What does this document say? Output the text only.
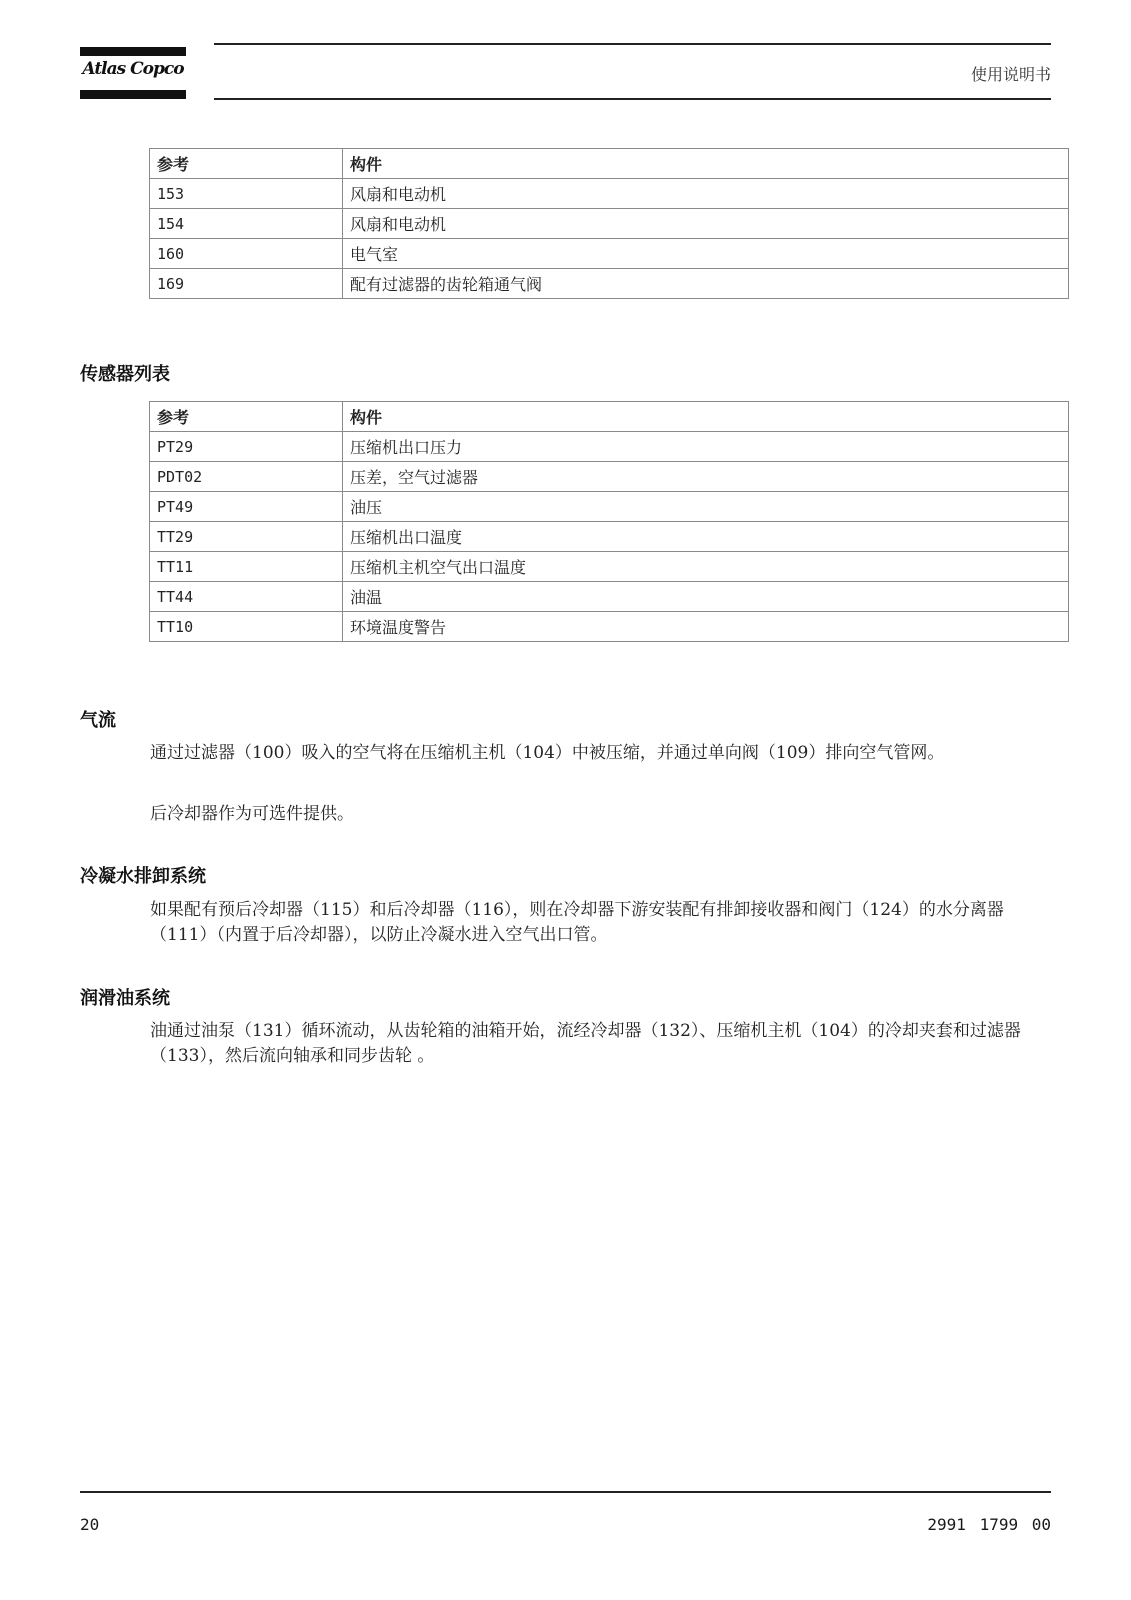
Atlas Copco	使用说明书
参考	构件
153	风扇和电动机
154	风扇和电动机
160	电气室
169	配有过滤器的齿轮箱通气阀
传感器列表
参考	构件
PT29	压缩机出口压力
PDT02	压差，空气过滤器
PT49	油压
TT29	压缩机出口温度
TT11	压缩机主机空气出口温度
TT44	油温
TT10	环境温度警告
气流

通过过滤器（100）吸入的空气将在压缩机主机（104）中被压缩，并通过单向阀（109）排向空气管网。

后冷却器作为可选件提供。

冷凝水排卸系统

如果配有预后冷却器（115）和后冷却器（116），则在冷却器下游安装配有排卸接收器和阀门（124）的水分离器（111）（内置于后冷却器），以防止冷凝水进入空气出口管。

润滑油系统

油通过油泵（131）循环流动，从齿轮箱的油箱开始，流经冷却器（132）、压缩机主机（104）的冷却夹套和过滤器（133），然后流向轴承和同步齿轮 。

20	2991 1799 00
